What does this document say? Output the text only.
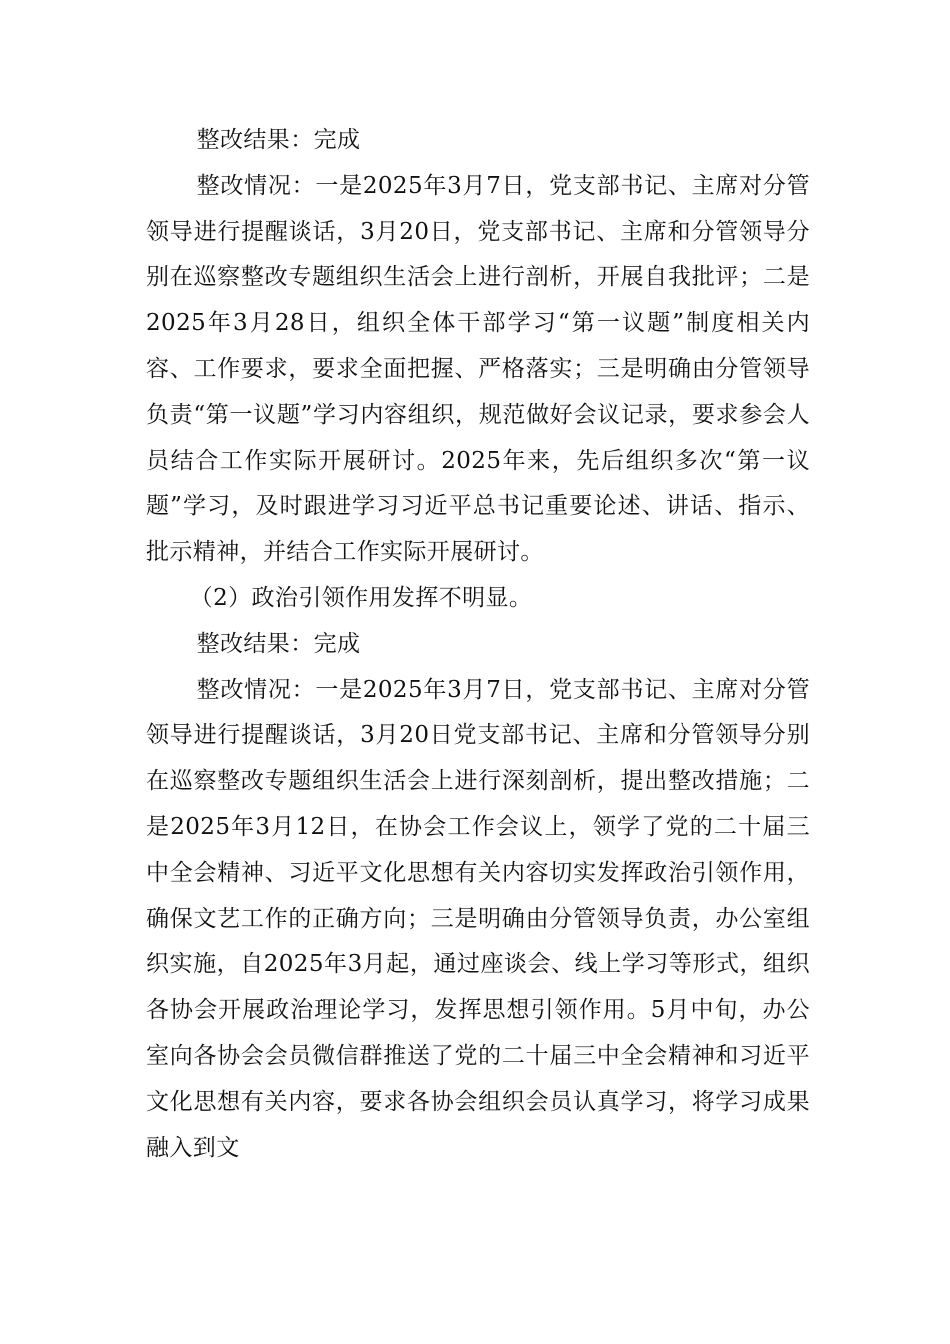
整改结果：完成

整改情况：一是2025年3月7日，党支部书记、主席对分管领导进行提醒谈话，3月20日，党支部书记、主席和分管领导分别在巡察整改专题组织生活会上进行剖析，开展自我批评；二是2025年3月28日，组织全体干部学习“第一议题”制度相关内容、工作要求，要求全面把握、严格落实；三是明确由分管领导负责“第一议题”学习内容组织，规范做好会议记录，要求参会人员结合工作实际开展研讨。2025年来，先后组织多次“第一议题”学习，及时跟进学习习近平总书记重要论述、讲话、指示、批示精神，并结合工作实际开展研讨。

（2）政治引领作用发挥不明显。

整改结果：完成

整改情况：一是2025年3月7日，党支部书记、主席对分管领导进行提醒谈话，3月20日党支部书记、主席和分管领导分别在巡察整改专题组织生活会上进行深刻剖析，提出整改措施；二是2025年3月12日，在协会工作会议上，领学了党的二十届三中全会精神、习近平文化思想有关内容切实发挥政治引领作用，确保文艺工作的正确方向；三是明确由分管领导负责，办公室组织实施，自2025年3月起，通过座谈会、线上学习等形式，组织各协会开展政治理论学习，发挥思想引领作用。5月中旬，办公室向各协会会员微信群推送了党的二十届三中全会精神和习近平文化思想有关内容，要求各协会组织会员认真学习，将学习成果融入到文
